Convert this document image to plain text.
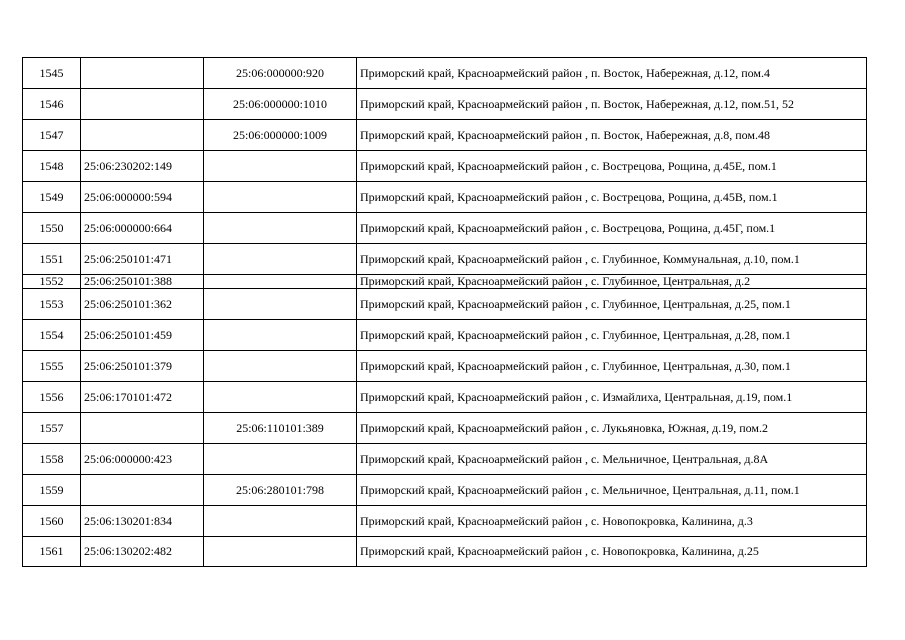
1545		25:06:000000:920	Приморский край, Красноармейский район , п. Восток, Набережная, д.12, пом.4
1546		25:06:000000:1010	Приморский край, Красноармейский район , п. Восток, Набережная, д.12, пом.51, 52
1547		25:06:000000:1009	Приморский край, Красноармейский район , п. Восток, Набережная, д.8, пом.48
1548	25:06:230202:149		Приморский край, Красноармейский район , с. Вострецова, Рощина, д.45Е, пом.1
1549	25:06:000000:594		Приморский край, Красноармейский район , с. Вострецова, Рощина, д.45В, пом.1
1550	25:06:000000:664		Приморский край, Красноармейский район , с. Вострецова, Рощина, д.45Г, пом.1
1551	25:06:250101:471		Приморский край, Красноармейский район , с. Глубинное, Коммунальная, д.10, пом.1
1552	25:06:250101:388		Приморский край, Красноармейский район , с. Глубинное, Центральная, д.2
1553	25:06:250101:362		Приморский край, Красноармейский район , с. Глубинное, Центральная, д.25, пом.1
1554	25:06:250101:459		Приморский край, Красноармейский район , с. Глубинное, Центральная, д.28, пом.1
1555	25:06:250101:379		Приморский край, Красноармейский район , с. Глубинное, Центральная, д.30, пом.1
1556	25:06:170101:472		Приморский край, Красноармейский район , с. Измайлиха, Центральная, д.19, пом.1
1557		25:06:110101:389	Приморский край, Красноармейский район , с. Лукьяновка, Южная, д.19, пом.2
1558	25:06:000000:423		Приморский край, Красноармейский район , с. Мельничное, Центральная, д.8А
1559		25:06:280101:798	Приморский край, Красноармейский район , с. Мельничное, Центральная, д.11, пом.1
1560	25:06:130201:834		Приморский край, Красноармейский район , с. Новопокровка, Калинина, д.3
1561	25:06:130202:482		Приморский край, Красноармейский район , с. Новопокровка, Калинина, д.25
